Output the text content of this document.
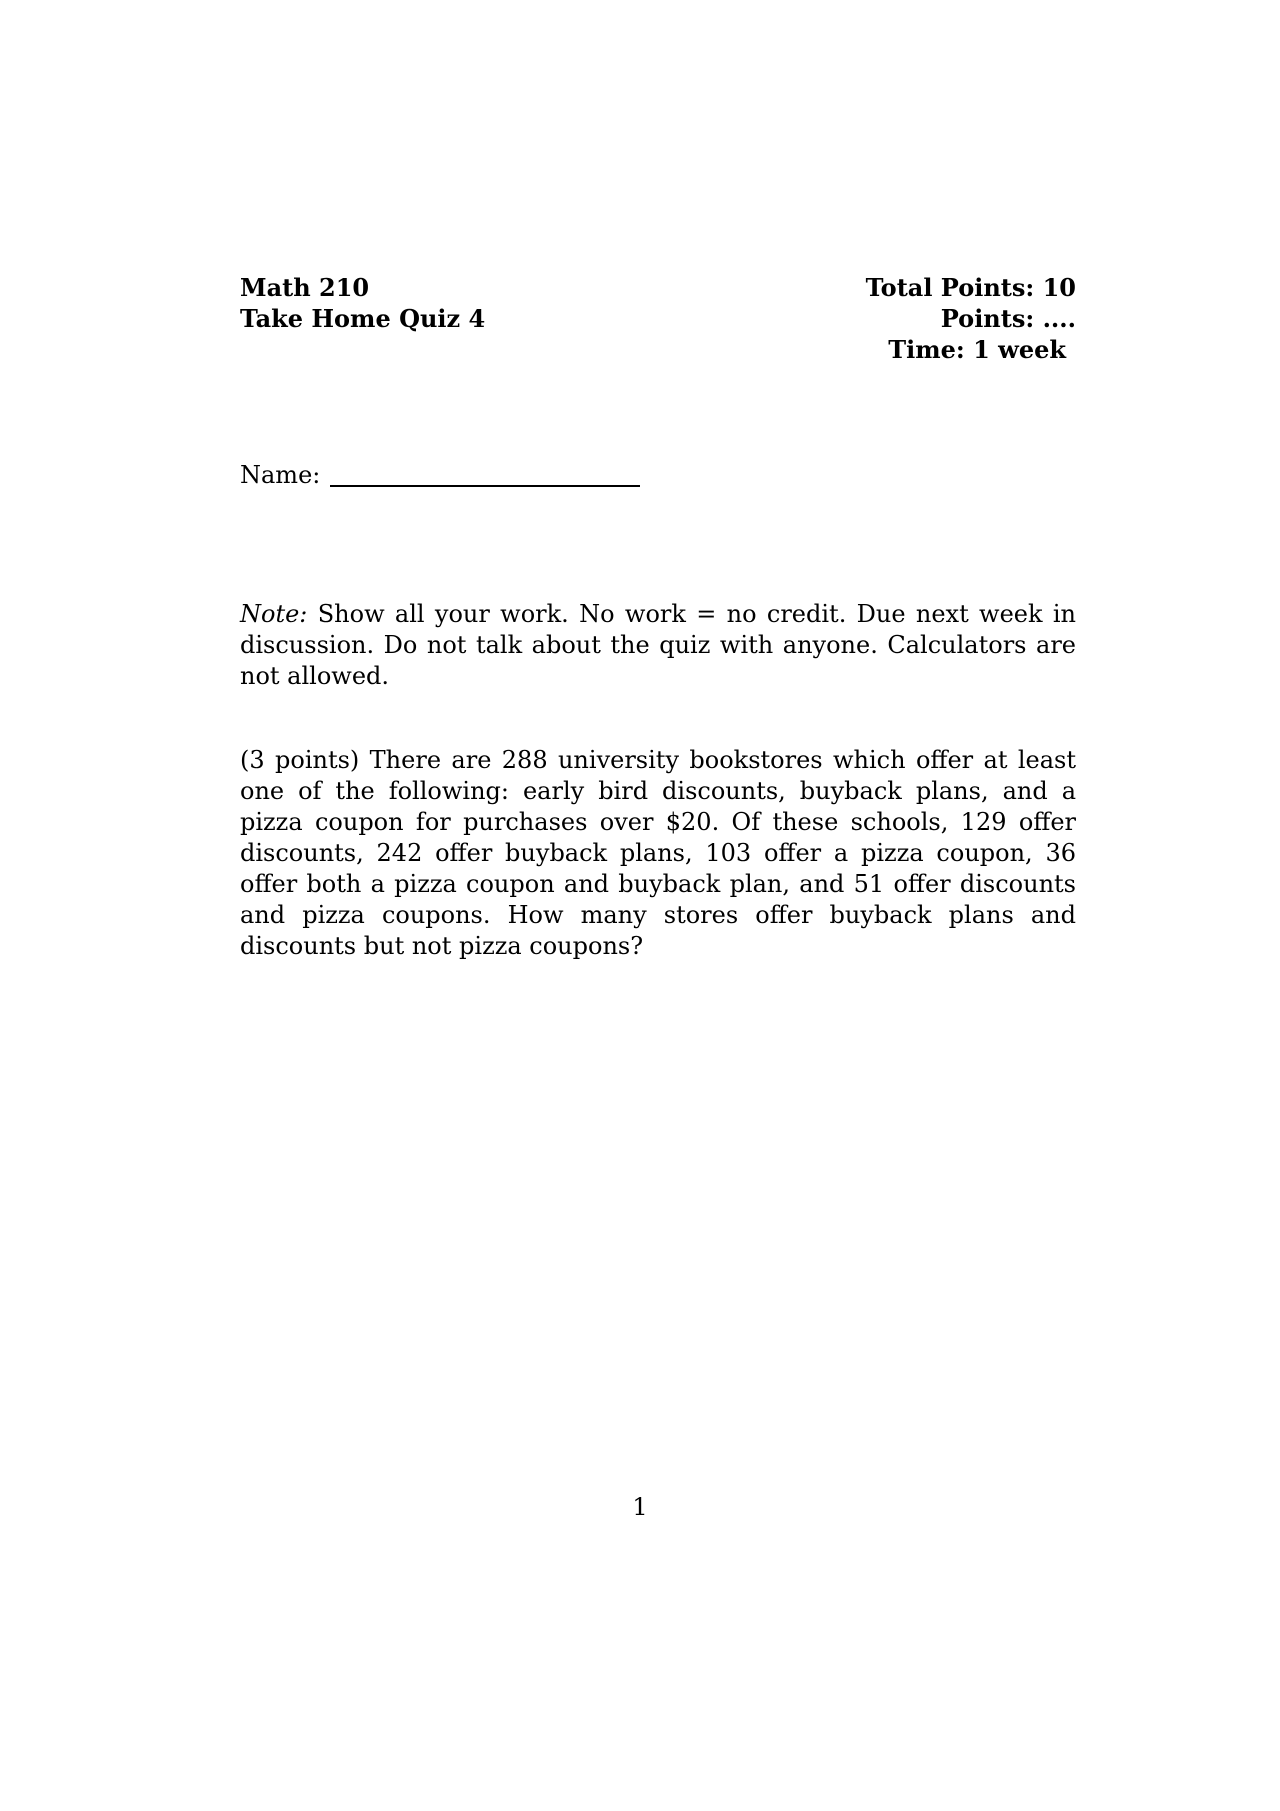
Math 210
Take Home Quiz 4
Total Points: 10
Points: ....
Time: 1 week
Name:
Note: Show all your work. No work = no credit. Due next week in discussion. Do not talk about the quiz with anyone. Calculators are not allowed.
(3 points) There are 288 university bookstores which offer at least one of the following: early bird discounts, buyback plans, and a pizza coupon for purchases over $20. Of these schools, 129 offer discounts, 242 offer buyback plans, 103 offer a pizza coupon, 36 offer both a pizza coupon and buyback plan, and 51 offer discounts and pizza coupons. How many stores offer buyback plans and discounts but not pizza coupons?
1
